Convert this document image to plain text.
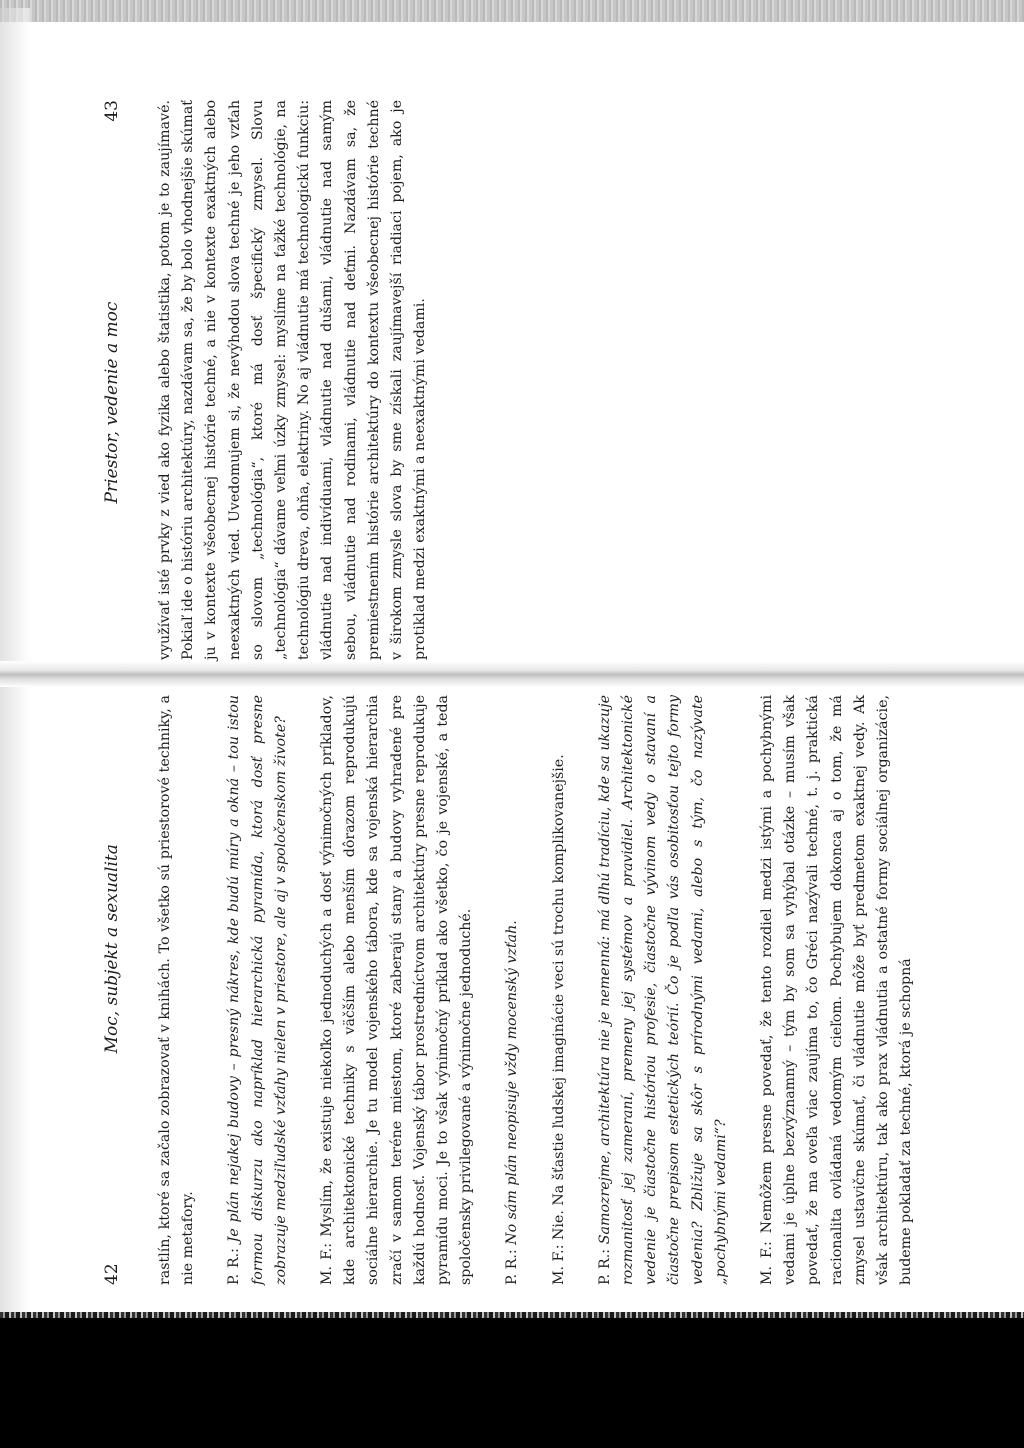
42
Moc, subjekt a sexualita rastlín, ktoré sa začalo zobrazovať v knihách. To všetko sú priestorové techniky, a nie metafory. P. R.: Je plán nejakej budovy – presný nákres, kde budú múry a okná – tou istou formou diskurzu ako napríklad hierarchická pyramída, ktorá dosť presne zobrazuje medziľudské vzťahy nielen v priestore, ale aj v spoločenskom živote? M. F.: Myslím, že existuje niekoľko jednoduchých a dosť výnimočných príkladov, kde architektonické techniky s väčším alebo menším dôrazom reprodukujú sociálne hierarchie. Je tu model vojenského tábora, kde sa vojenská hierarchia zračí v samom teréne miestom, ktoré zaberajú stany a budovy vyhradené pre každú hodnosť. Vojenský tábor prostredníctvom architektúry presne reprodukuje pyramídu moci. Je to však výnimočný príklad ako všetko, čo je vojenské, a teda spoločensky privilegované a výnimočne jednoduché. P. R.: No sám plán neopisuje vždy mocenský vzťah.

M. F.: Nie. Na šťastie ľudskej imaginácie veci sú trochu komplikovanejšie.

P. R.: Samozrejme, architektúra nie je nemenná: má dlhú tradíciu, kde sa ukazuje rozmanitosť jej zameraní, premeny jej systémov a pravidiel. Architektonické vedenie je čiastočne históriou profesie, čiastočne vývinom vedy o stavaní a čiastočne prepisom estetických teórií. Čo je podľa vás osobitosťou tejto formy vedenia? Zbližuje sa skôr s prírodnými vedami, alebo s tým, čo nazývate „pochybnými vedami“? M. F.: Nemôžem presne povedať, že tento rozdiel medzi istými a pochybnými vedami je úplne bezvýznamný – tým by som sa vyhýbal otázke – musím však povedať, že ma oveľa viac zaujíma to, čo Gréci nazývali techné, t. j. praktická racionalita ovládaná vedomým cieľom. Pochybujem dokonca aj o tom, že má zmysel ustavične skúmať, či vládnutie môže byť predmetom exaktnej vedy. Ak však architektúru, tak ako prax vládnutia a ostatné formy sociálnej organizácie, budeme pokladať za techné, ktorá je schopná

Priestor, vedenie a moc
43 využívať isté prvky z vied ako fyzika alebo štatistika, potom je to zaujímavé. Pokiaľ ide o históriu architektúry, nazdávam sa, že by bolo vhodnejšie skúmať ju v kontexte všeobecnej histórie techné, a nie v kontexte exaktných alebo neexaktných vied. Uvedomujem si, že nevýhodou slova techné je jeho vzťah so slovom „technológia“, ktoré má dosť špecifický zmysel. Slovu „technológia“ dávame veľmi úzky zmysel: myslíme na ťažké technológie, na technológiu dreva, ohňa, elektriny. No aj vládnutie má technologickú funkciu: vládnutie nad indivíduami, vládnutie nad dušami, vládnutie nad samým sebou, vládnutie nad rodinami, vládnutie nad deťmi. Nazdávam sa, že premiestnením histórie architektúry do kontextu všeobecnej histórie techné v širokom zmysle slova by sme získali zaujímavejší riadiaci pojem, ako je protiklad medzi exaktnými a neexaktnými vedami.
